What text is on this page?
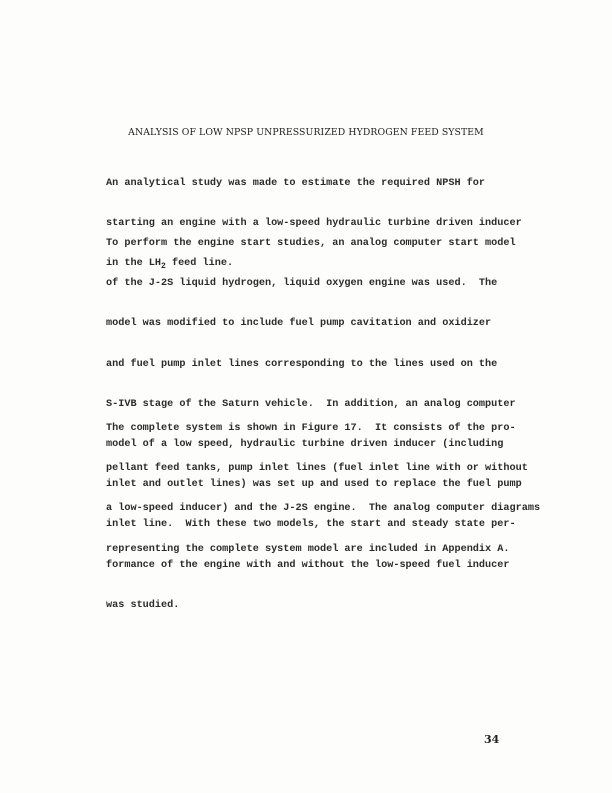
ANALYSIS OF LOW NPSP UNPRESSURIZED HYDROGEN FEED SYSTEM

An analytical study was made to estimate the required NPSH for

starting an engine with a low-speed hydraulic turbine driven inducer

in the $LH_2$ feed line.

To perform the engine start studies, an analog computer start model

of the J-2S liquid hydrogen, liquid oxygen engine was used.  The

model was modified to include fuel pump cavitation and oxidizer

and fuel pump inlet lines corresponding to the lines used on the

S-IVB stage of the Saturn vehicle.  In addition, an analog computer

model of a low speed, hydraulic turbine driven inducer (including

inlet and outlet lines) was set up and used to replace the fuel pump

inlet line.  With these two models, the start and steady state per-

formance of the engine with and without the low-speed fuel inducer

was studied.

The complete system is shown in Figure 17.  It consists of the pro-

pellant feed tanks, pump inlet lines (fuel inlet line with or without

a low-speed inducer) and the J-2S engine.  The analog computer diagrams

representing the complete system model are included in Appendix A.

34
